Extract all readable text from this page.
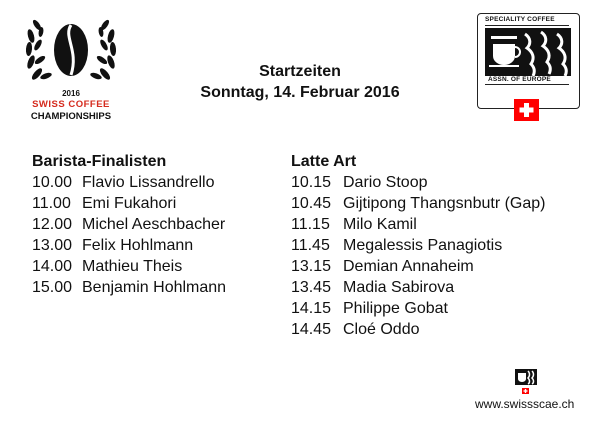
2016
SWISS COFFEE
CHAMPIONSHIPS
Startzeiten
Sonntag, 14. Februar 2016
SPECIALITY COFFEE
ASSN. OF EUROPE
Barista-Finalisten
10.00 Flavio Lissandrello
11.00 Emi Fukahori
12.00 Michel Aeschbacher
13.00 Felix Hohlmann
14.00 Mathieu Theis
15.00 Benjamin Hohlmann
Latte Art
10.15 Dario Stoop
10.45 Gijtipong Thangsnbutr (Gap)
11.15 Milo Kamil
11.45 Megalessis Panagiotis
13.15 Demian Annaheim
13.45 Madia Sabirova
14.15 Philippe Gobat
14.45 Cloé Oddo
www.swissscae.ch
